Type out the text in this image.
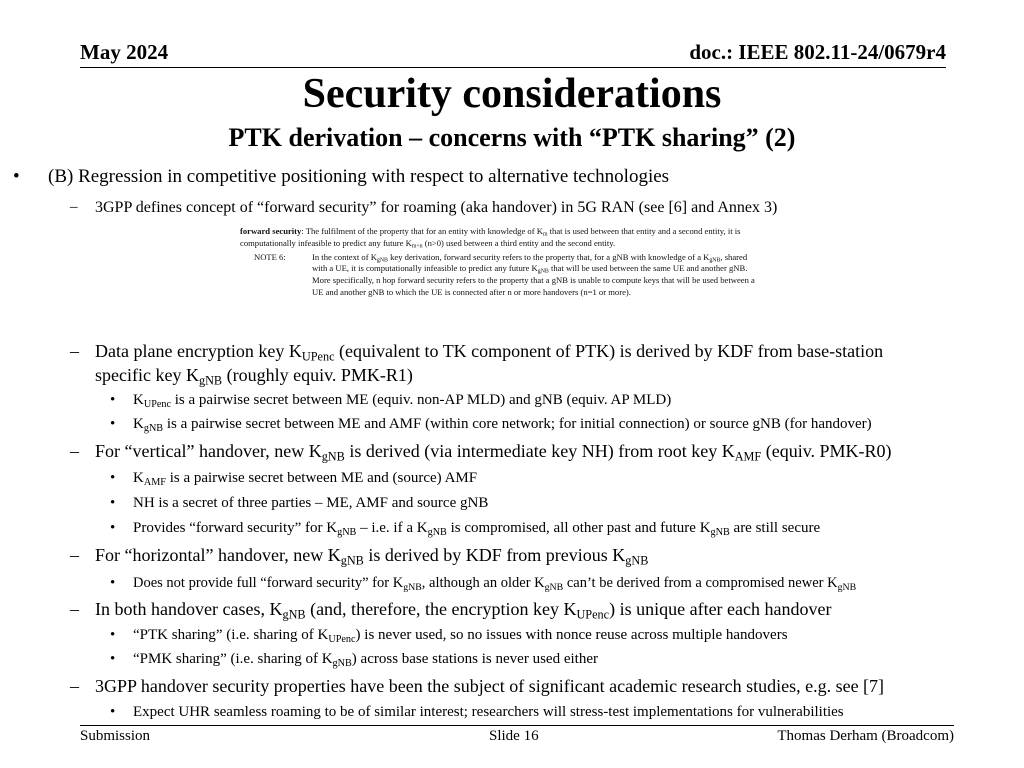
May 2024	doc.: IEEE 802.11-24/0679r4
Security considerations
PTK derivation – concerns with “PTK sharing” (2)
• (B) Regression in competitive positioning with respect to alternative technologies
– 3GPP defines concept of “forward security” for roaming (aka handover) in 5G RAN (see [6] and Annex 3)
forward security: The fulfilment of the property that for an entity with knowledge of $K_m$ that is used between that entity and a second entity, it is computationally infeasible to predict any future $K_{m+n}$ (n>0) used between a third entity and the second entity.
NOTE 6:	In the context of $K_{gNB}$ key derivation, forward security refers to the property that, for a gNB with knowledge of a $K_{gNB}$, shared with a UE, it is computationally infeasible to predict any future $K_{gNB}$ that will be used between the same UE and another gNB. More specifically, n hop forward security refers to the property that a gNB is unable to compute keys that will be used between a UE and another gNB to which the UE is connected after n or more handovers (n=1 or more).
– Data plane encryption key $K_{UPenc}$ (equivalent to TK component of PTK) is derived by KDF from base-station
specific key $K_{gNB}$ (roughly equiv. PMK-R1)
• $K_{UPenc}$ is a pairwise secret between ME (equiv. non-AP MLD) and gNB (equiv. AP MLD)
• $K_{gNB}$ is a pairwise secret between ME and AMF (within core network; for initial connection) or source gNB (for handover)
– For “vertical” handover, new $K_{gNB}$ is derived (via intermediate key NH) from root key $K_{AMF}$ (equiv. PMK-R0)
• $K_{AMF}$ is a pairwise secret between ME and (source) AMF
• NH is a secret of three parties – ME, AMF and source gNB
• Provides “forward security” for $K_{gNB} - i.e$. if a $K_{gNB}$ is compromised, all other past and future $K_{gNB}$ are still secure
– For “horizontal” handover, new $K_{gNB}$ is derived by KDF from previous $K_{gNB}$
• Does not provide full “forward security” for $K_{gNB}$, although an older $K_{gNB}$ can’t be derived from a compromised newer $K_{gNB}$
– In both handover cases, $K_{gNB}$ (and, therefore, the encryption key $K_{UPenc}$) is unique after each handover
• “PTK sharing” (i.e. sharing of $K_{UPenc}$) is never used, so no issues with nonce reuse across multiple handovers
• “PMK sharing” (i.e. sharing of $K_{gNB}$) across base stations is never used either
– 3GPP handover security properties have been the subject of significant academic research studies, e.g. see [7]
• Expect UHR seamless roaming to be of similar interest; researchers will stress-test implementations for vulnerabilities
Submission	Slide 16	Thomas Derham (Broadcom)
